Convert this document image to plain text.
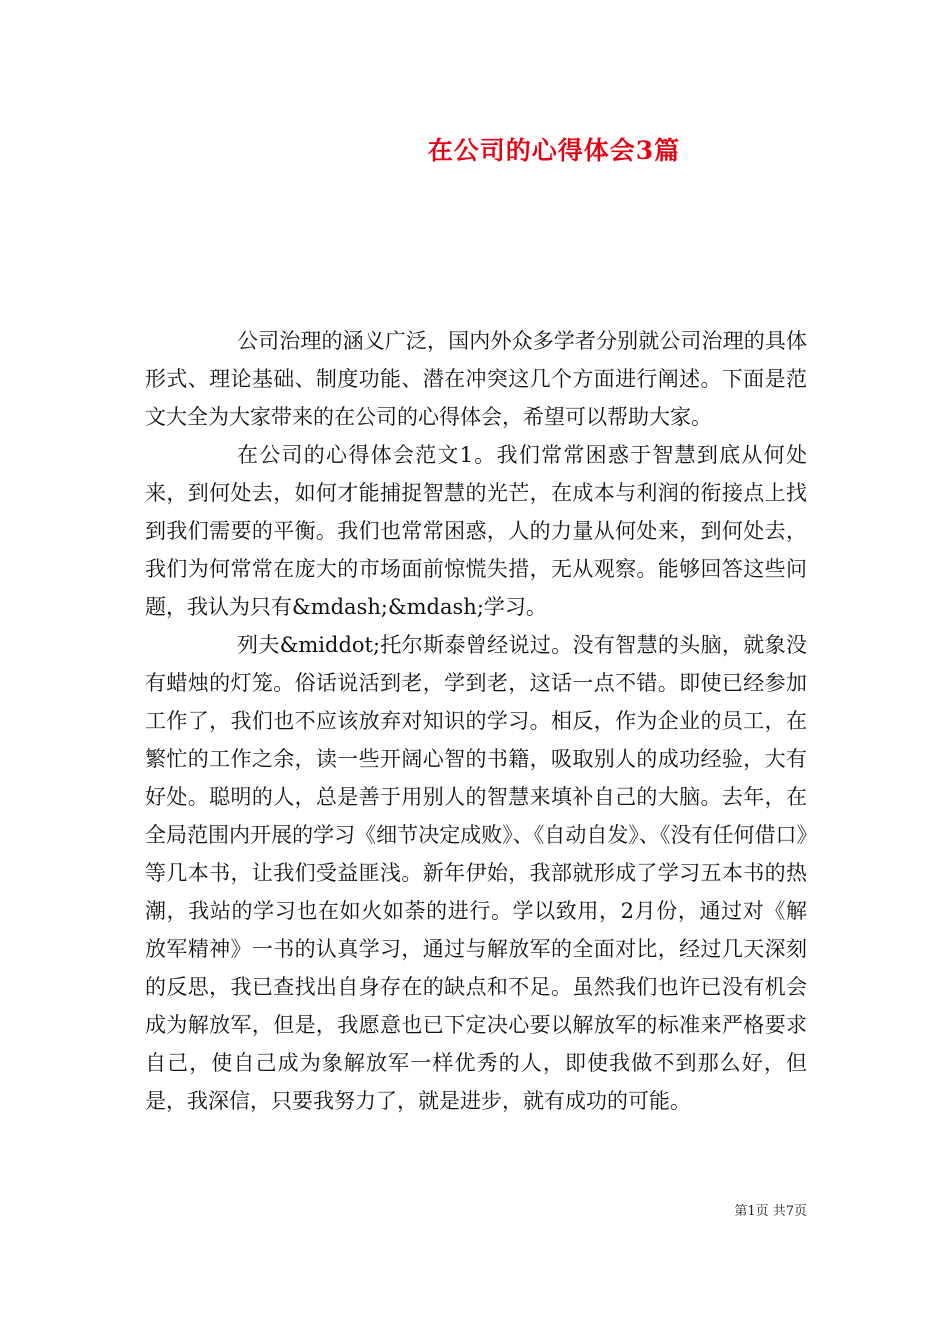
在公司的心得体会3篇

公司治理的涵义广泛，国内外众多学者分别就公司治理的具体形式、理论基础、制度功能、潜在冲突这几个方面进行阐述。下面是范文大全为大家带来的在公司的心得体会，希望可以帮助大家。

在公司的心得体会范文1。我们常常困惑于智慧到底从何处来，到何处去，如何才能捕捉智慧的光芒，在成本与利润的衔接点上找到我们需要的平衡。我们也常常困惑，人的力量从何处来，到何处去，我们为何常常在庞大的市场面前惊慌失措，无从观察。能够回答这些问题，我认为只有&mdash;&mdash;学习。

列夫&middot;托尔斯泰曾经说过。没有智慧的头脑，就象没有蜡烛的灯笼。俗话说活到老，学到老，这话一点不错。即使已经参加工作了，我们也不应该放弃对知识的学习。相反，作为企业的员工，在繁忙的工作之余，读一些开阔心智的书籍，吸取别人的成功经验，大有好处。聪明的人，总是善于用别人的智慧来填补自己的大脑。去年，在全局范围内开展的学习《细节决定成败》、《自动自发》、《没有任何借口》等几本书，让我们受益匪浅。新年伊始，我部就形成了学习五本书的热潮，我站的学习也在如火如荼的进行。学以致用，2月份，通过对《解放军精神》一书的认真学习，通过与解放军的全面对比，经过几天深刻的反思，我已查找出自身存在的缺点和不足。虽然我们也许已没有机会成为解放军，但是，我愿意也已下定决心要以解放军的标准来严格要求自己，使自己成为象解放军一样优秀的人，即使我做不到那么好，但是，我深信，只要我努力了，就是进步，就有成功的可能。

第1页 共7页
